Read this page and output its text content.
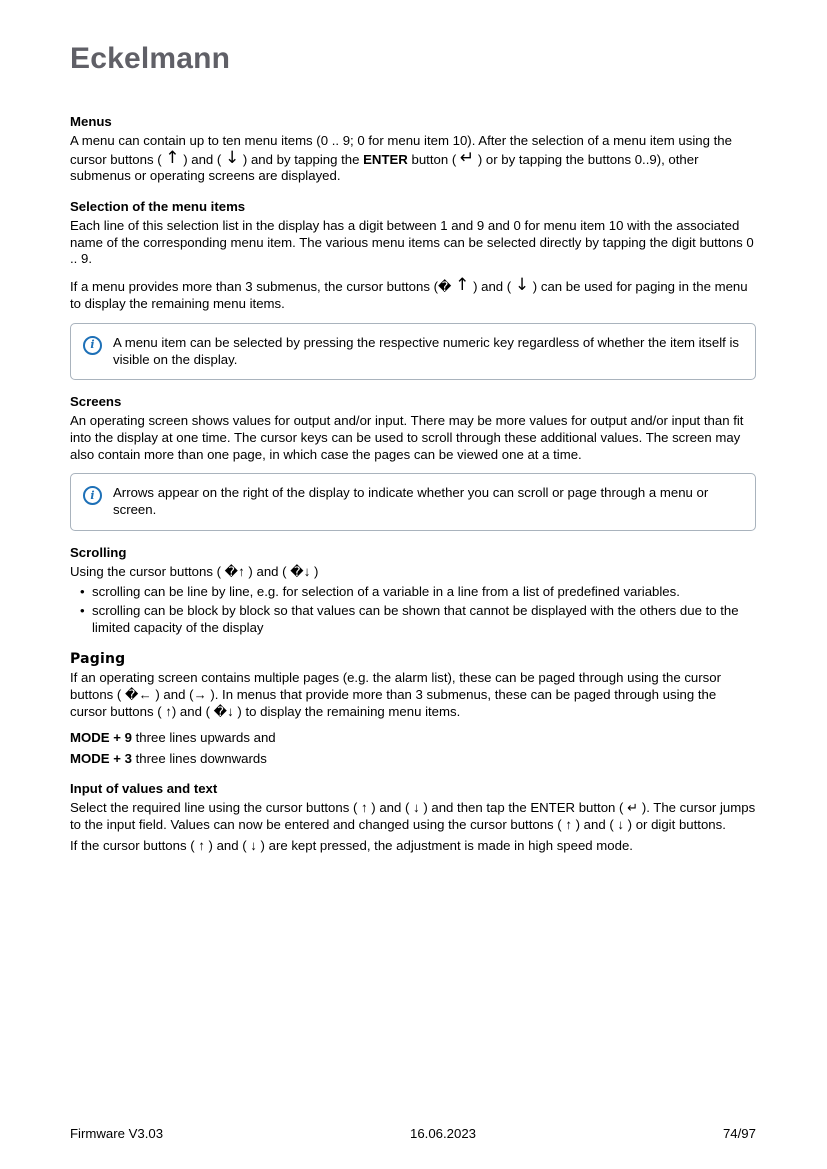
Eckelmann
Menus

A menu can contain up to ten menu items (0 .. 9; 0 for menu item 10). After the selection of a menu item using the cursor buttons ( ↑ ) and ( ↓ ) and by tapping the ENTER button ( ↵ ) or by tapping the buttons 0..9), other submenus or operating screens are displayed.

Selection of the menu items

Each line of this selection list in the display has a digit between 1 and 9 and 0 for menu item 10 with the associated name of the corresponding menu item. The various menu items can be selected directly by tapping the digit buttons 0 .. 9.

If a menu provides more than 3 submenus, the cursor buttons (� ↑ ) and ( ↓ ) can be used for paging in the menu to display the remaining menu items.

i	A menu item can be selected by pressing the respective numeric key regardless of whether the item itself is visible on the display.
Screens

An operating screen shows values for output and/or input. There may be more values for output and/or input than fit into the display at one time. The cursor keys can be used to scroll through these additional values. The screen may also contain more than one page, in which case the pages can be viewed one at a time.

i	Arrows appear on the right of the display to indicate whether you can scroll or page through a menu or screen.
Scrolling

Using the cursor buttons ( �↑ ) and ( �↓ )

• scrolling can be line by line, e.g. for selection of a variable in a line from a list of predefined variables.
• scrolling can be block by block so that values can be shown that cannot be displayed with the others due to the limited capacity of the display
Paging

If an operating screen contains multiple pages (e.g. the alarm list), these can be paged through using the cursor buttons ( �← ) and (→ ). In menus that provide more than 3 submenus, these can be paged through using the cursor buttons ( ↑) and ( �↓ ) to display the remaining menu items.

MODE + 9 three lines upwards and

MODE + 3 three lines downwards

Input of values and text

Select the required line using the cursor buttons ( ↑ ) and ( ↓ ) and then tap the ENTER button ( ↵ ). The cursor jumps to the input field. Values can now be entered and changed using the cursor buttons ( ↑ ) and ( ↓ ) or digit buttons.

If the cursor buttons ( ↑ ) and ( ↓ ) are kept pressed, the adjustment is made in high speed mode.

Firmware V3.03	16.06.2023	74/97
